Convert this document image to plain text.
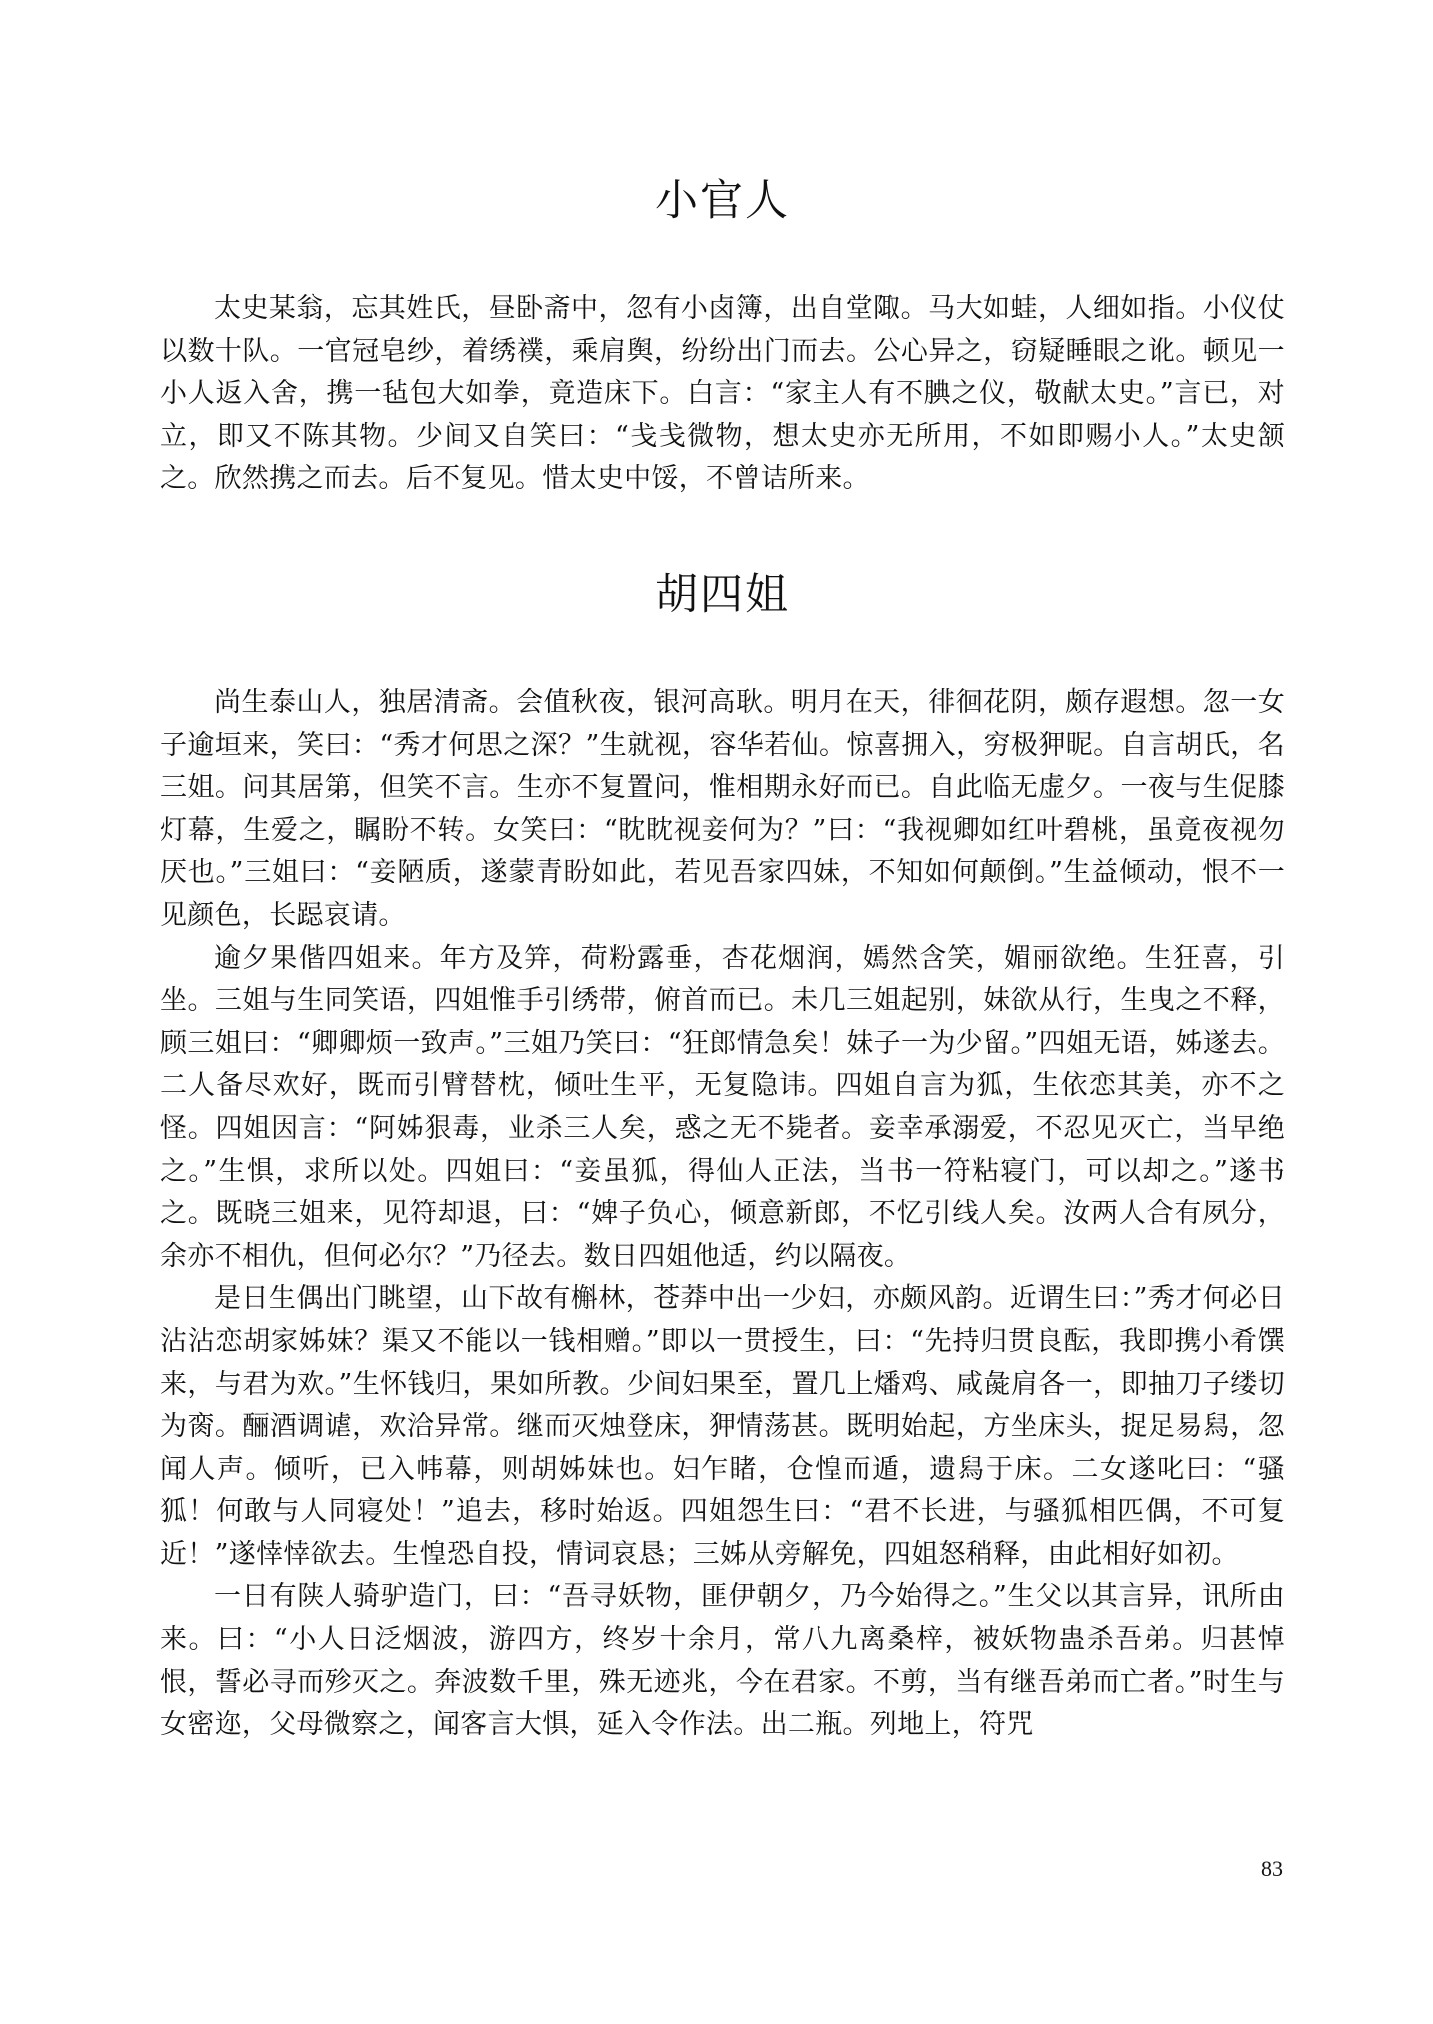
小官人

太史某翁，忘其姓氏，昼卧斋中，忽有小卤簿，出自堂陬。马大如蛙，人细如指。小仪仗以数十队。一官冠皂纱，着绣襆，乘肩舆，纷纷出门而去。公心异之，窃疑睡眼之讹。顿见一小人返入舍，携一毡包大如拳，竟造床下。白言：“家主人有不腆之仪，敬献太史。”言已，对立，即又不陈其物。少间又自笑曰：“戋戋微物，想太史亦无所用，不如即赐小人。”太史颔之。欣然携之而去。后不复见。惜太史中馁，不曾诘所来。

胡四姐

尚生泰山人，独居清斋。会值秋夜，银河高耿。明月在天，徘徊花阴，颇存遐想。忽一女子逾垣来，笑曰：“秀才何思之深？”生就视，容华若仙。惊喜拥入，穷极狎昵。自言胡氏，名三姐。问其居第，但笑不言。生亦不复置问，惟相期永好而已。自此临无虚夕。一夜与生促膝灯幕，生爱之，瞩盼不转。女笑曰：“眈眈视妾何为？”曰：“我视卿如红叶碧桃，虽竟夜视勿厌也。”三姐曰：“妾陋质，遂蒙青盼如此，若见吾家四妹，不知如何颠倒。”生益倾动，恨不一见颜色，长跽哀请。

逾夕果偕四姐来。年方及笄，荷粉露垂，杏花烟润，嫣然含笑，媚丽欲绝。生狂喜，引坐。三姐与生同笑语，四姐惟手引绣带，俯首而已。未几三姐起别，妹欲从行，生曳之不释，顾三姐曰：“卿卿烦一致声。”三姐乃笑曰：“狂郎情急矣！妹子一为少留。”四姐无语，姊遂去。二人备尽欢好，既而引臂替枕，倾吐生平，无复隐讳。四姐自言为狐，生依恋其美，亦不之怪。四姐因言：“阿姊狠毒，业杀三人矣，惑之无不毙者。妾幸承溺爱，不忍见灭亡，当早绝之。”生惧，求所以处。四姐曰：“妾虽狐，得仙人正法，当书一符粘寝门，可以却之。”遂书之。既晓三姐来，见符却退，曰：“婢子负心，倾意新郎，不忆引线人矣。汝两人合有夙分，余亦不相仇，但何必尔？”乃径去。数日四姐他适，约以隔夜。

是日生偶出门眺望，山下故有槲林，苍莽中出一少妇，亦颇风韵。近谓生曰：”秀才何必日沾沾恋胡家姊妹？渠又不能以一钱相赠。”即以一贯授生，曰：“先持归贯良酝，我即携小肴馔来，与君为欢。”生怀钱归，果如所教。少间妇果至，置几上燔鸡、咸彘肩各一，即抽刀子缕切为脔。酾酒调谑，欢洽异常。继而灭烛登床，狎情荡甚。既明始起，方坐床头，捉足易舄，忽闻人声。倾听，已入帏幕，则胡姊妹也。妇乍睹，仓惶而遁，遗舄于床。二女遂叱曰：“骚狐！何敢与人同寝处！”追去，移时始返。四姐怨生曰：“君不长进，与骚狐相匹偶，不可复近！”遂悻悻欲去。生惶恐自投，情词哀恳；三姊从旁解免，四姐怒稍释，由此相好如初。

一日有陕人骑驴造门，曰：“吾寻妖物，匪伊朝夕，乃今始得之。”生父以其言异，讯所由来。曰：“小人日泛烟波，游四方，终岁十余月，常八九离桑梓，被妖物蛊杀吾弟。归甚悼恨，誓必寻而殄灭之。奔波数千里，殊无迹兆，今在君家。不剪，当有继吾弟而亡者。”时生与女密迩，父母微察之，闻客言大惧，延入令作法。出二瓶。列地上，符咒

83
